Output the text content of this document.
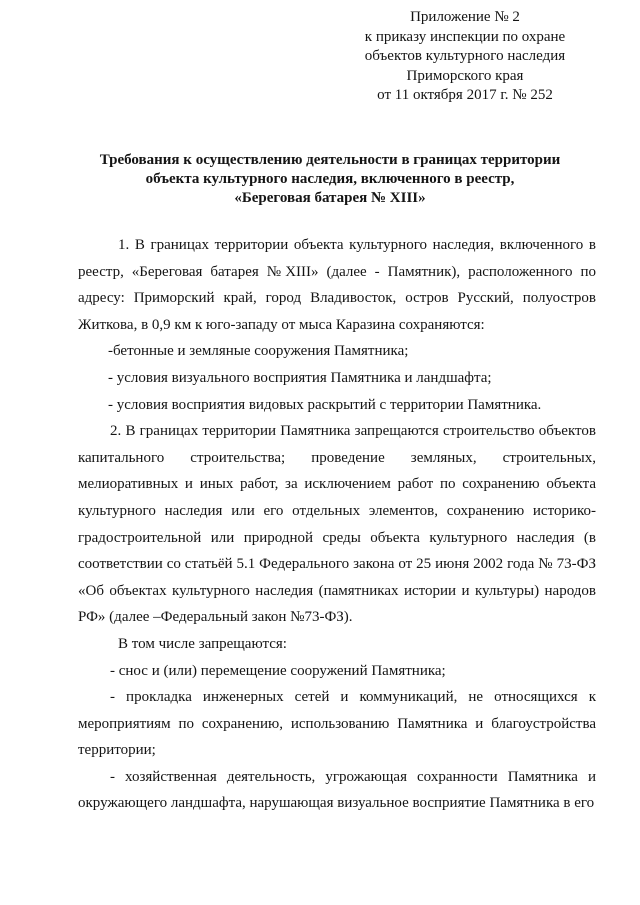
Приложение № 2
к приказу инспекции по охране
объектов культурного наследия
Приморского края
от 11 октября 2017 г. № 252
Требования к осуществлению деятельности в границах территории
объекта культурного наследия, включенного в реестр,
«Береговая батарея № XIII»

1. В границах территории объекта культурного наследия, включенного в реестр, «Береговая батарея №XIII» (далее - Памятник), расположенного по адресу: Приморский край, город Владивосток, остров Русский, полуостров Житкова, в 0,9 км к юго-западу от мыса Каразина сохраняются:

-бетонные и земляные сооружения Памятника;

- условия визуального восприятия Памятника и ландшафта;

- условия восприятия видовых раскрытий с территории Памятника.

2. В границах территории Памятника запрещаются строительство объектов капитального строительства; проведение земляных, строительных, мелиоративных и иных работ, за исключением работ по сохранению объекта культурного наследия или его отдельных элементов, сохранению историко-градостроительной или природной среды объекта культурного наследия (в соответствии со статьёй 5.1 Федерального закона от 25 июня 2002 года № 73-ФЗ «Об объектах культурного наследия (памятниках истории и культуры) народов РФ» (далее –Федеральный закон №73-ФЗ).

В том числе запрещаются:

- снос и (или) перемещение сооружений Памятника;

- прокладка инженерных сетей и коммуникаций, не относящихся к мероприятиям по сохранению, использованию Памятника и благоустройства территории;

- хозяйственная деятельность, угрожающая сохранности Памятника и окружающего ландшафта, нарушающая визуальное восприятие Памятника в его
